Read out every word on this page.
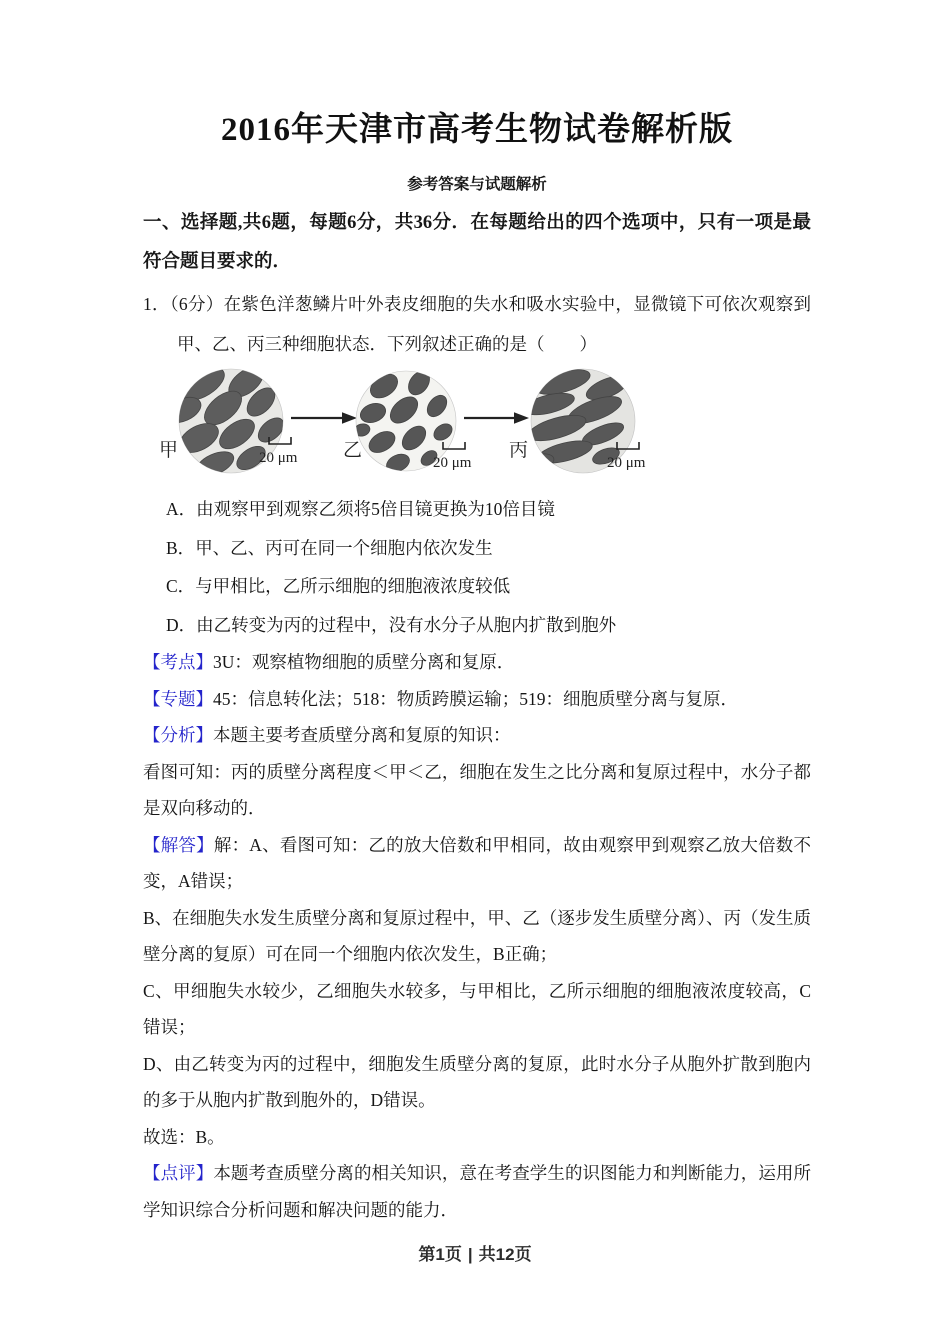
2016年天津市高考生物试卷解析版
参考答案与试题解析

一、选择题,共6题，每题6分，共36分．在每题给出的四个选项中，只有一项是最符合题目要求的．

1．（6分）在紫色洋葱鳞片叶外表皮细胞的失水和吸水实验中，显微镜下可依次观察到甲、乙、丙三种细胞状态．下列叙述正确的是（　　）

甲	20 μm 乙
20 μm
丙
20 μm

A．由观察甲到观察乙须将5倍目镜更换为10倍目镜

B．甲、乙、丙可在同一个细胞内依次发生

C．与甲相比，乙所示细胞的细胞液浓度较低

D．由乙转变为丙的过程中，没有水分子从胞内扩散到胞外

【考点】3U：观察植物细胞的质壁分离和复原．

【专题】45：信息转化法；518：物质跨膜运输；519：细胞质壁分离与复原．

【分析】本题主要考查质壁分离和复原的知识：

看图可知：丙的质壁分离程度＜甲＜乙，细胞在发生之比分离和复原过程中，水分子都是双向移动的．

【解答】解：A、看图可知：乙的放大倍数和甲相同，故由观察甲到观察乙放大倍数不变，A错误；

B、在细胞失水发生质壁分离和复原过程中，甲、乙（逐步发生质壁分离）、丙（发生质壁分离的复原）可在同一个细胞内依次发生，B正确；

C、甲细胞失水较少，乙细胞失水较多，与甲相比，乙所示细胞的细胞液浓度较高，C错误；

D、由乙转变为丙的过程中，细胞发生质壁分离的复原，此时水分子从胞外扩散到胞内的多于从胞内扩散到胞外的，D错误。

故选：B。

【点评】本题考查质壁分离的相关知识，意在考查学生的识图能力和判断能力，运用所学知识综合分析问题和解决问题的能力．

第1页 | 共12页
